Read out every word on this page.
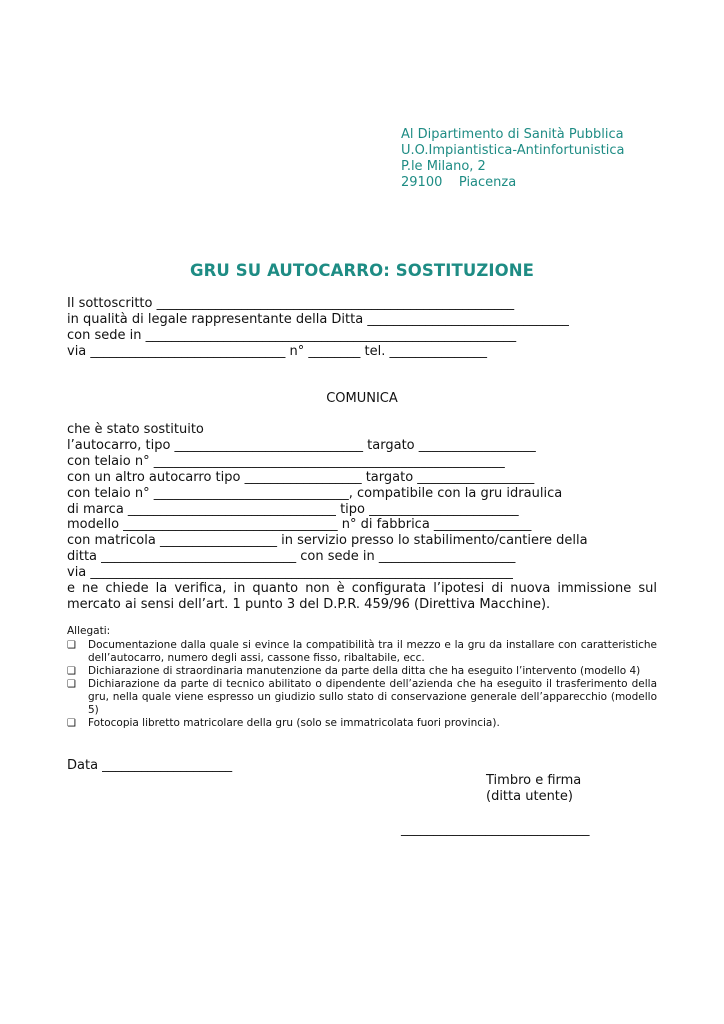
Al Dipartimento di Sanità Pubblica
U.O.Impiantistica-Antinfortunistica
P.le Milano, 2
29100    Piacenza
GRU SU AUTOCARRO: SOSTITUZIONE
Il sottoscritto _______________________________________________________
in qualità di legale rappresentante della Ditta _______________________________
con sede in _________________________________________________________
via ______________________________ n° ________ tel. _______________
COMUNICA
che è stato sostituito
l’autocarro, tipo _____________________________ targato __________________
con telaio n° ______________________________________________________
con un altro autocarro tipo __________________ targato __________________
con telaio n° ______________________________, compatibile con la gru idraulica
di marca ________________________________ tipo _______________________
modello _________________________________ n° di fabbrica _______________
con matricola __________________ in servizio presso lo stabilimento/cantiere della
ditta ______________________________ con sede in _____________________
via _________________________________________________________________
e ne chiede la verifica, in quanto non è configurata l’ipotesi di nuova immissione sul
mercato ai sensi dell’art. 1 punto 3 del D.P.R. 459/96 (Direttiva Macchine).
Allegati:
❑	Documentazione dalla quale si evince la compatibilità tra il mezzo e la gru da installare con caratteristiche dell’autocarro, numero degli assi, cassone fisso, ribaltabile, ecc.
❑	Dichiarazione di straordinaria manutenzione da parte della ditta che ha eseguito l’intervento (modello 4)
❑	Dichiarazione da parte di tecnico abilitato o dipendente dell’azienda che ha eseguito il trasferimento della gru, nella quale viene espresso un giudizio sullo stato di conservazione generale dell’apparecchio (modello 5)
❑	Fotocopia libretto matricolare della gru (solo se immatricolata fuori provincia).
Data ____________________
Timbro e firma
(ditta utente)
_____________________________
